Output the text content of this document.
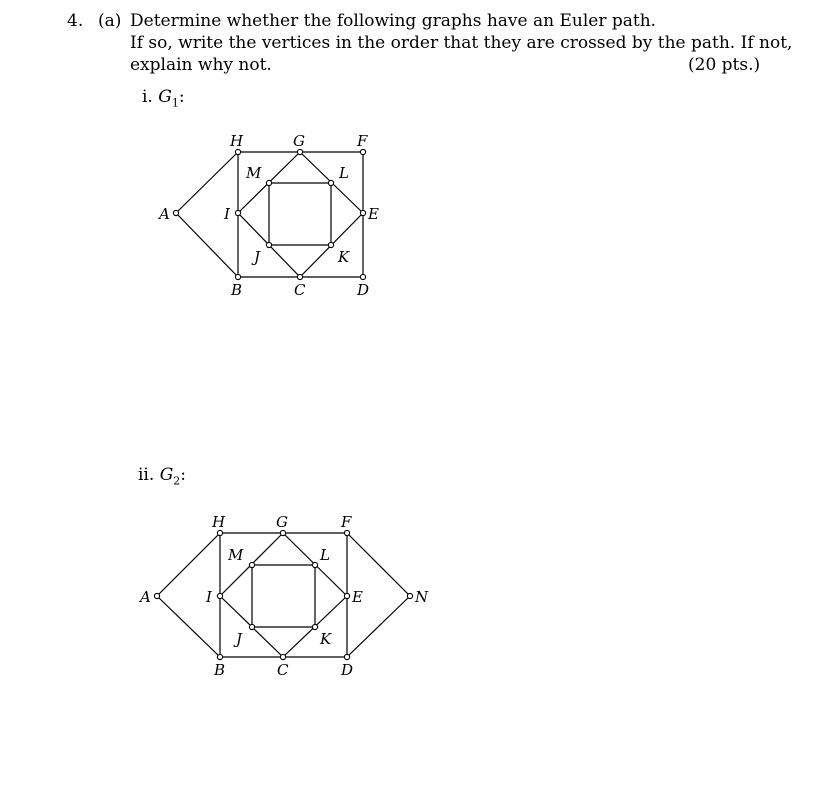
4. (a) Determine whether the following graphs have an Euler path.
If so, write the vertices in the order that they are crossed by the path. If not,
explain why not.	(20 pts.)
i. $G_1$:
ii. $G_2$:
A
B	C	D
E
F
G
H
I
J	K
L
M
A
B	C	D
E
F
G
H
I
J	K
L
M
N
